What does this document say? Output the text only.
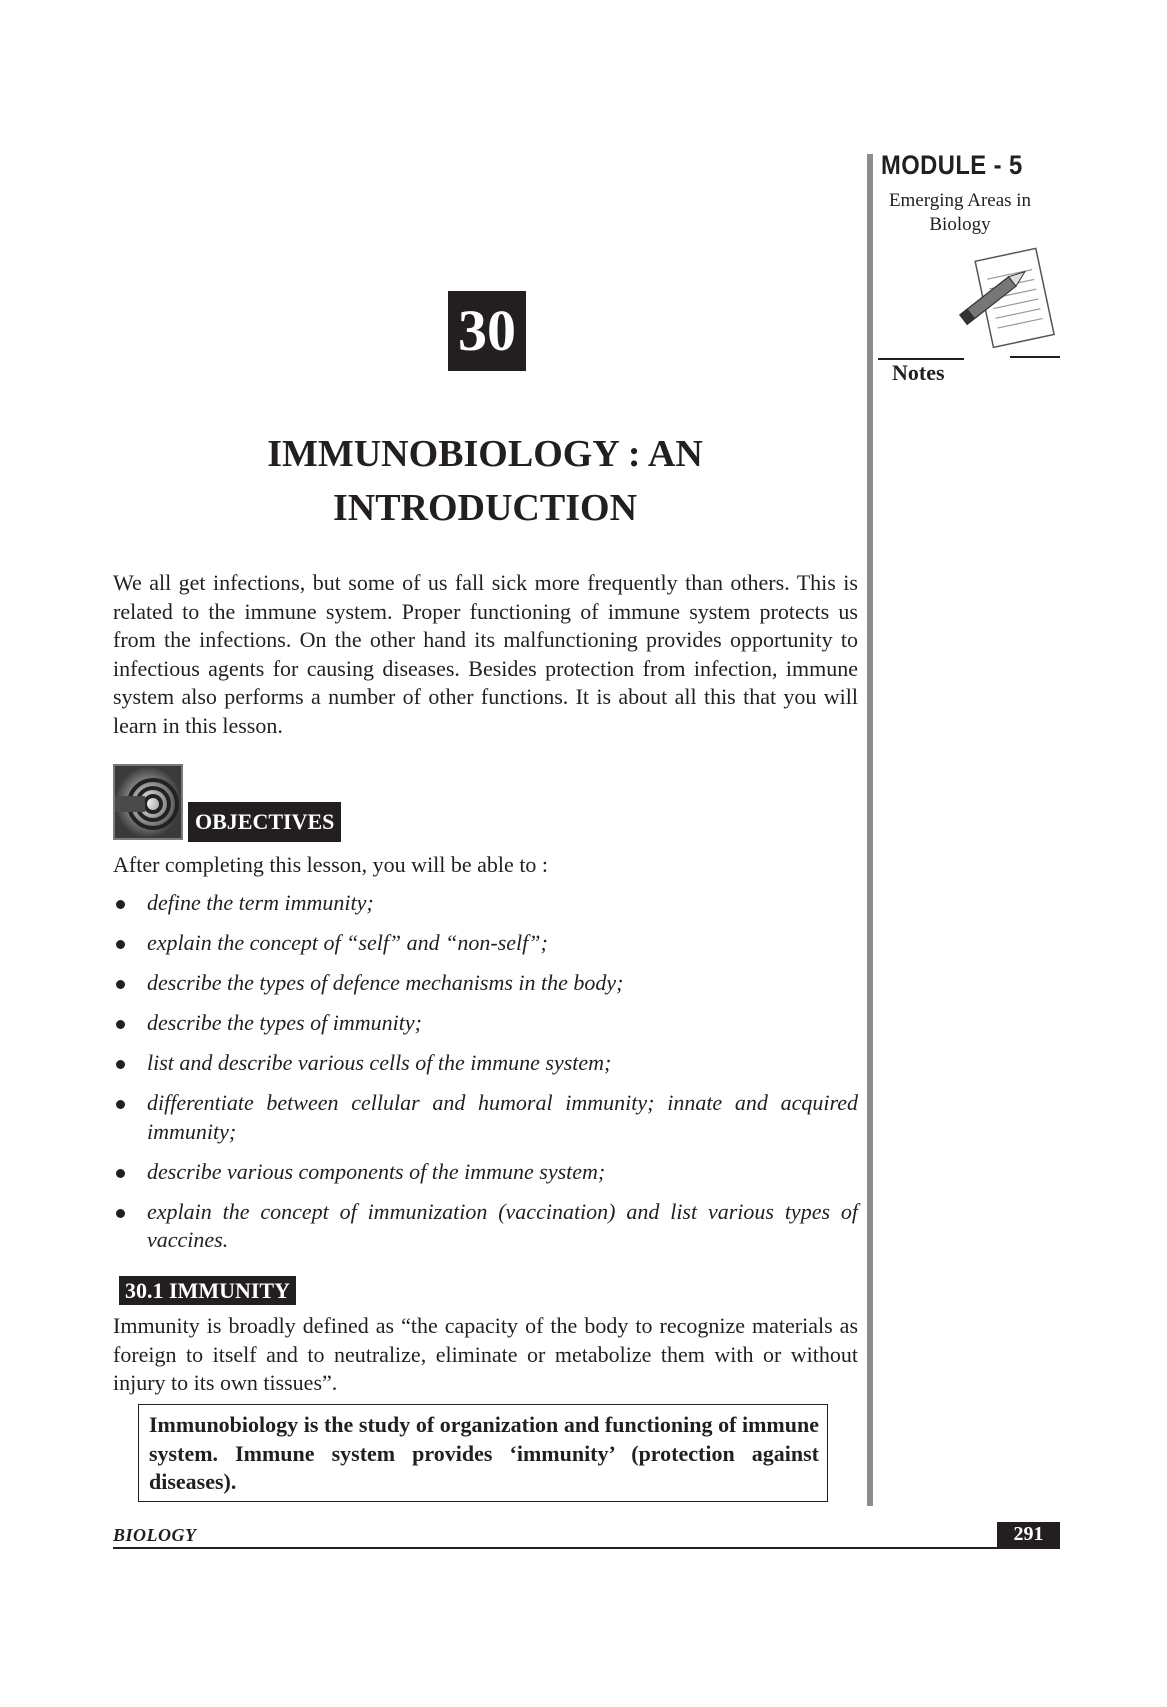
MODULE - 5
Emerging Areas in Biology
Notes
30
IMMUNOBIOLOGY : AN
INTRODUCTION
We all get infections, but some of us fall sick more frequently than others. This is related to the immune system. Proper functioning of immune system protects us from the infections. On the other hand its malfunctioning provides opportunity to infectious agents for causing diseases. Besides protection from infection, immune system also performs a number of other functions. It is about all this that you will learn in this lesson.
OBJECTIVES
After completing this lesson, you will be able to :
define the term immunity;
explain the concept of “self” and “non-self”;
describe the types of defence mechanisms in the body;
describe the types of immunity;
list and describe various cells of the immune system;
differentiate between cellular and humoral immunity; innate and acquired immunity;
describe various components of the immune system;
explain the concept of immunization (vaccination) and list various types of vaccines.
30.1 IMMUNITY
Immunity is broadly defined as “the capacity of the body to recognize materials as foreign to itself and to neutralize, eliminate or metabolize them with or without injury to its own tissues”.
Immunobiology is the study of organization and functioning of immune system. Immune system provides ‘immunity’ (protection against diseases).
BIOLOGY	291
